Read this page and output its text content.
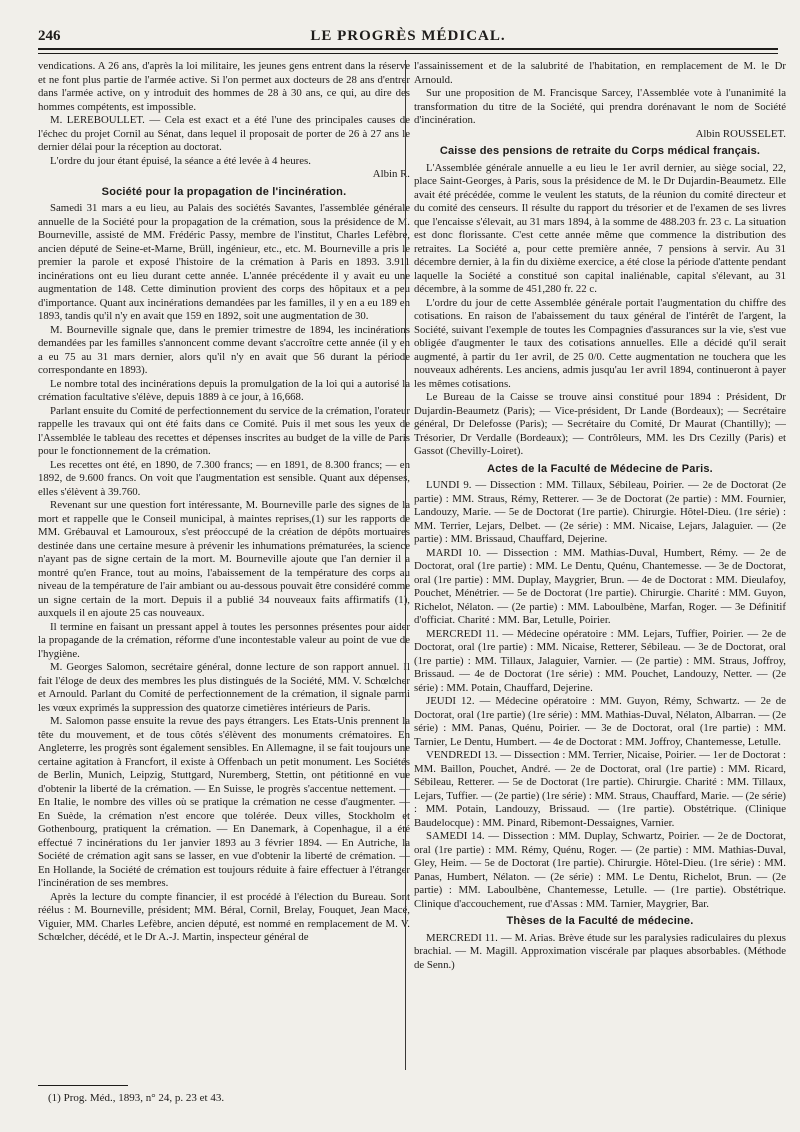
246	LE PROGRÈS MÉDICAL.

vendications. A 26 ans, d'après la loi militaire, les jeunes gens entrent dans la réserve et ne font plus partie de l'armée active. Si l'on permet aux docteurs de 28 ans d'entrer dans l'armée active, on y introduit des hommes de 28 à 30 ans, ce qui, au dire des hommes compétents, est impossible.

M. LEREBOULLET. — Cela est exact et a été l'une des principales causes de l'échec du projet Cornil au Sénat, dans lequel il proposait de porter de 26 à 27 ans le dernier délai pour la réception au doctorat.

L'ordre du jour étant épuisé, la séance a été levée à 4 heures.

Albin R.

Société pour la propagation de l'incinération.

Samedi 31 mars a eu lieu, au Palais des sociétés Savantes, l'assemblée générale annuelle de la Société pour la propagation de la crémation, sous la présidence de M. Bourneville, assisté de MM. Frédéric Passy, membre de l'institut, Charles Lefèbre, ancien député de Seine-et-Marne, Brüll, ingénieur, etc., etc. M. Bourneville a pris le premier la parole et exposé l'histoire de la crémation à Paris en 1893. 3.911 incinérations ont eu lieu durant cette année. L'année précédente il y avait eu une augmentation de 148. Cette diminution provient des corps des hôpitaux et a peu d'importance. Quant aux incinérations demandées par les familles, il y en a eu 189 en 1893, tandis qu'il n'y en avait que 159 en 1892, soit une augmentation de 30.

M. Bourneville signale que, dans le premier trimestre de 1894, les incinérations demandées par les familles s'annoncent comme devant s'accroître cette année (il y en a eu 75 au 31 mars dernier, alors qu'il n'y en avait que 56 durant la période correspondante en 1893).

Le nombre total des incinérations depuis la promulgation de la loi qui a autorisé la crémation facultative s'élève, depuis 1889 à ce jour, à 16,668.

Parlant ensuite du Comité de perfectionnement du service de la crémation, l'orateur rappelle les travaux qui ont été faits dans ce Comité. Puis il met sous les yeux de l'Assemblée le tableau des recettes et dépenses inscrites au budget de la ville de Paris pour le fonctionnement de la crémation.

Les recettes ont été, en 1890, de 7.300 francs; — en 1891, de 8.300 francs; — en 1892, de 9.600 francs. On voit que l'augmentation est sensible. Quant aux dépenses, elles s'élèvent à 39.760.

Revenant sur une question fort intéressante, M. Bourneville parle des signes de la mort et rappelle que le Conseil municipal, à maintes reprises,(1) sur les rapports de MM. Grébauval et Lamouroux, s'est préoccupé de la création de dépôts mortuaires destinée dans une certaine mesure à prévenir les inhumations prématurées, la science n'ayant pas de signe certain de la mort. M. Bourneville ajoute que l'an dernier il a montré qu'en France, tout au moins, l'abaissement de la température des corps au niveau de la température de l'air ambiant ou au-dessous pouvait être considéré comme un signe certain de la mort. Depuis il a publié 34 nouveaux faits affirmatifs (1), auxquels il en ajoute 25 cas nouveaux.

Il termine en faisant un pressant appel à toutes les personnes présentes pour aider la propagande de la crémation, réforme d'une incontestable valeur au point de vue de l'hygiène.

M. Georges Salomon, secrétaire général, donne lecture de son rapport annuel. Il fait l'éloge de deux des membres les plus distingués de la Société, MM. V. Schœlcher et Arnould. Parlant du Comité de perfectionnement de la crémation, il signale parmi les vœux exprimés la suppression des quatorze cimetières intérieurs de Paris.

M. Salomon passe ensuite la revue des pays étrangers. Les Etats-Unis prennent la tête du mouvement, et de tous côtés s'élèvent des monuments crématoires. En Angleterre, les progrès sont également sensibles. En Allemagne, il se fait toujours une certaine agitation à Francfort, il existe à Offenbach un petit monument. Les Sociétés de Berlin, Munich, Leipzig, Stuttgard, Nuremberg, Stettin, ont pétitionné en vue d'obtenir la liberté de la crémation. — En Suisse, le progrès s'accentue nettement. — En Italie, le nombre des villes où se pratique la crémation ne cesse d'augmenter. — En Suède, la crémation n'est encore que tolérée. Deux villes, Stockholm et Gothenbourg, pratiquent la crémation. — En Danemark, à Copenhague, il a été effectué 7 incinérations du 1er janvier 1893 au 3 février 1894. — En Autriche, la Société de crémation agit sans se lasser, en vue d'obtenir la liberté de crémation. — En Hollande, la Société de crémation est toujours réduite à faire effectuer à l'étranger l'incinération de ses membres.

Après la lecture du compte financier, il est procédé à l'élection du Bureau. Sont réélus : M. Bourneville, président; MM. Béral, Cornil, Brelay, Fouquet, Jean Macé, Viguier, MM. Charles Lefèbre, ancien député, est nommé en remplacement de M. V. Schœlcher, décédé, et le Dr A.-J. Martin, inspecteur général de

l'assainissement et de la salubrité de l'habitation, en remplacement de M. le Dr Arnould.

Sur une proposition de M. Francisque Sarcey, l'Assemblée vote à l'unanimité la transformation du titre de la Société, qui prendra dorénavant le nom de Société d'incinération.

Albin ROUSSELET.

Caisse des pensions de retraite du Corps médical français.

L'Assemblée générale annuelle a eu lieu le 1er avril dernier, au siège social, 22, place Saint-Georges, à Paris, sous la présidence de M. le Dr Dujardin-Beaumetz. Elle avait été précédée, comme le veulent les statuts, de la réunion du comité directeur et du comité des censeurs. Il résulte du rapport du trésorier et de l'examen de ses livres que l'encaisse s'élevait, au 31 mars 1894, à la somme de 488.203 fr. 23 c. La situation est donc florissante. C'est cette année même que commence la distribution des retraites. La Société a, pour cette première année, 7 pensions à servir. Au 31 décembre dernier, à la fin du dixième exercice, a été close la période d'attente pendant laquelle la Société a constitué son capital inaliénable, capital s'élevant, au 31 décembre, à la somme de 451,280 fr. 22 c.

L'ordre du jour de cette Assemblée générale portait l'augmentation du chiffre des cotisations. En raison de l'abaissement du taux général de l'intérêt de l'argent, la Société, suivant l'exemple de toutes les Compagnies d'assurances sur la vie, s'est vue obligée d'augmenter le taux des cotisations annuelles. Elle a décidé qu'il serait augmenté, à partir du 1er avril, de 25 0/0. Cette augmentation ne touchera que les nouveaux adhérents. Les anciens, admis jusqu'au 1er avril 1894, continueront à payer les mêmes cotisations.

Le Bureau de la Caisse se trouve ainsi constitué pour 1894 : Président, Dr Dujardin-Beaumetz (Paris); — Vice-président, Dr Lande (Bordeaux); — Secrétaire général, Dr Delefosse (Paris); — Secrétaire du Comité, Dr Maurat (Chantilly); — Trésorier, Dr Verdalle (Bordeaux); — Contrôleurs, MM. les Drs Cezilly (Paris) et Gassot (Chevilly-Loiret).

Actes de la Faculté de Médecine de Paris.

LUNDI 9. — Dissection : MM. Tillaux, Sébileau, Poirier. — 2e de Doctorat (2e partie) : MM. Straus, Rémy, Retterer. — 3e de Doctorat (2e partie) : MM. Fournier, Landouzy, Marie. — 5e de Doctorat (1re partie). Chirurgie. Hôtel-Dieu. (1re série) : MM. Terrier, Lejars, Delbet. — (2e série) : MM. Nicaise, Lejars, Jalaguier. — (2e partie) : MM. Brissaud, Chauffard, Dejerine.

MARDI 10. — Dissection : MM. Mathias-Duval, Humbert, Rémy. — 2e de Doctorat, oral (1re partie) : MM. Le Dentu, Quénu, Chantemesse. — 3e de Doctorat, oral (1re partie) : MM. Duplay, Maygrier, Brun. — 4e de Doctorat : MM. Dieulafoy, Pouchet, Ménétrier. — 5e de Doctorat (1re partie). Chirurgie. Charité : MM. Guyon, Richelot, Nélaton. — (2e partie) : MM. Laboulbène, Marfan, Roger. — 3e Définitif d'officiat. Charité : MM. Bar, Letulle, Poirier.

MERCREDI 11. — Médecine opératoire : MM. Lejars, Tuffier, Poirier. — 2e de Doctorat, oral (1re partie) : MM. Nicaise, Retterer, Sébileau. — 3e de Doctorat, oral (1re partie) : MM. Tillaux, Jalaguier, Varnier. — (2e partie) : MM. Straus, Joffroy, Brissaud. — 4e de Doctorat (1re série) : MM. Pouchet, Landouzy, Netter. — (2e série) : MM. Potain, Chauffard, Dejerine.

JEUDI 12. — Médecine opératoire : MM. Guyon, Rémy, Schwartz. — 2e de Doctorat, oral (1re partie) (1re série) : MM. Mathias-Duval, Nélaton, Albarran. — (2e série) : MM. Panas, Quénu, Poirier. — 3e de Doctorat, oral (1re partie) : MM. Tarnier, Le Dentu, Humbert. — 4e de Doctorat : MM. Joffroy, Chantemesse, Letulle.

VENDREDI 13. — Dissection : MM. Terrier, Nicaise, Poirier. — 1er de Doctorat : MM. Baillon, Pouchet, André. — 2e de Doctorat, oral (1re partie) : MM. Ricard, Sébileau, Retterer. — 5e de Doctorat (1re partie). Chirurgie. Charité : MM. Tillaux, Lejars, Tuffier. — (2e partie) (1re série) : MM. Straus, Chauffard, Marie. — (2e série) : MM. Potain, Landouzy, Brissaud. — (1re partie). Obstétrique. (Clinique Baudelocque) : MM. Pinard, Ribemont-Dessaignes, Varnier.

SAMEDI 14. — Dissection : MM. Duplay, Schwartz, Poirier. — 2e de Doctorat, oral (1re partie) : MM. Rémy, Quénu, Roger. — (2e partie) : MM. Mathias-Duval, Gley, Heim. — 5e de Doctorat (1re partie). Chirurgie. Hôtel-Dieu. (1re série) : MM. Panas, Humbert, Nélaton. — (2e série) : MM. Le Dentu, Richelot, Brun. — (2e partie) : MM. Laboulbène, Chantemesse, Letulle. — (1re partie). Obstétrique. Clinique d'accouchement, rue d'Assas : MM. Tarnier, Maygrier, Bar.

Thèses de la Faculté de médecine.

MERCREDI 11. — M. Arias. Brève étude sur les paralysies radiculaires du plexus brachial. — M. Magill. Approximation viscérale par plaques absorbables. (Méthode de Senn.)

(1) Prog. Méd., 1893, n° 24, p. 23 et 43.
